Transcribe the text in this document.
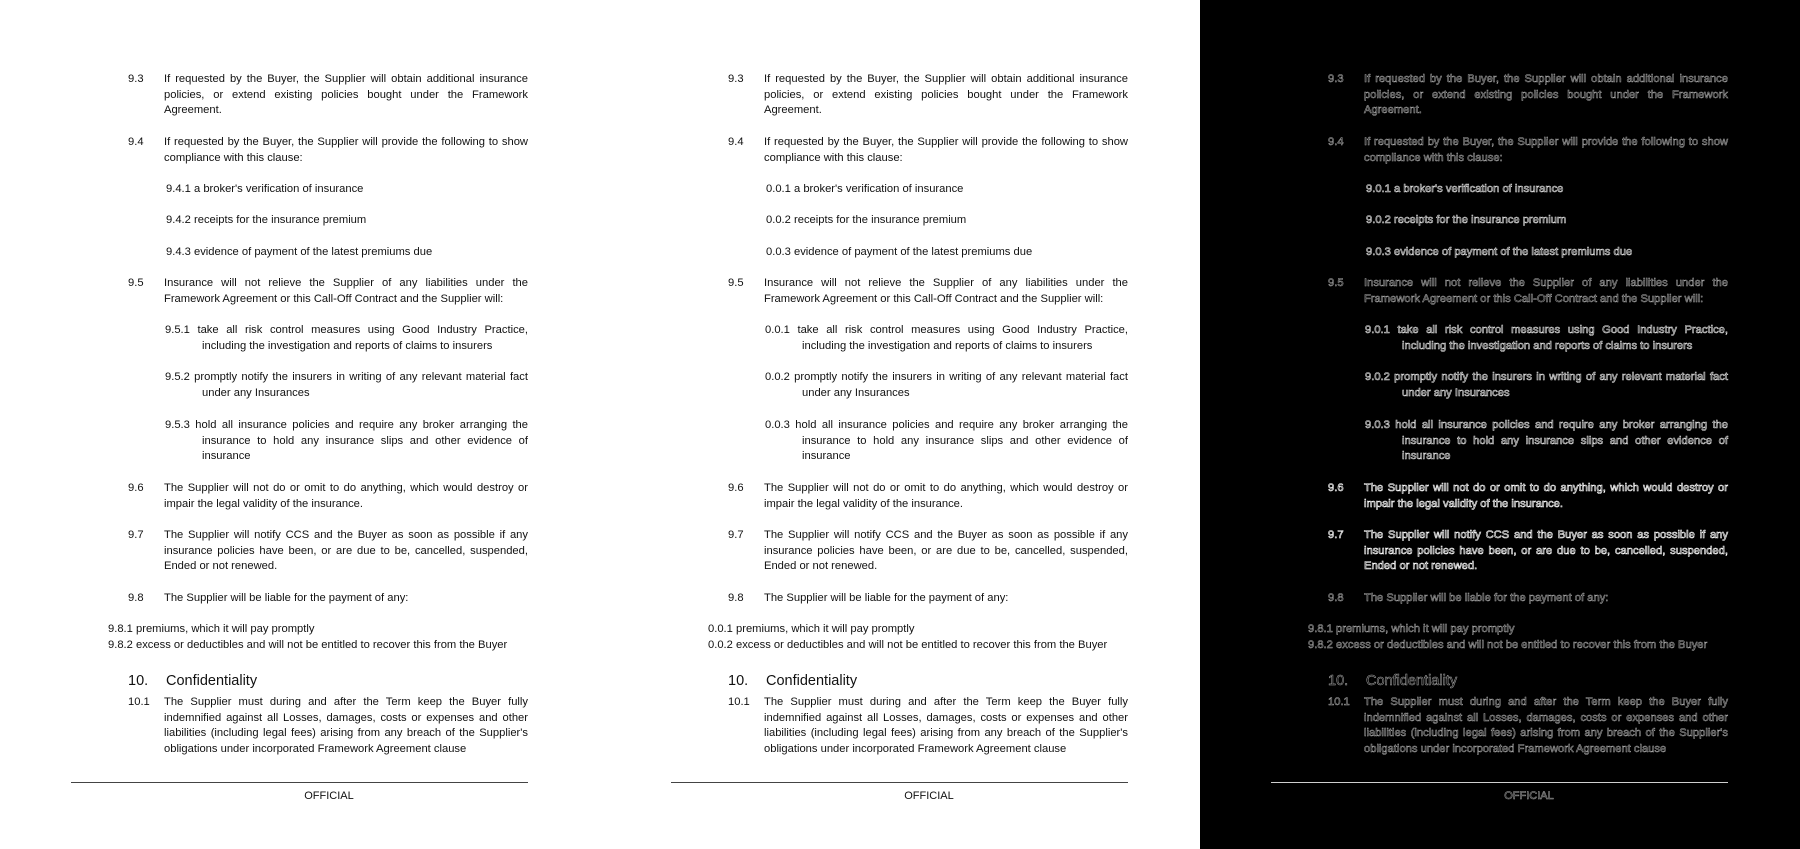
9.3	If requested by the Buyer, the Supplier will obtain additional insurance policies, or extend existing policies bought under the Framework Agreement.
9.4	If requested by the Buyer, the Supplier will provide the following to show compliance with this clause:
9.4.1 a broker's verification of insurance
9.4.2 receipts for the insurance premium
9.4.3 evidence of payment of the latest premiums due
9.5	Insurance will not relieve the Supplier of any liabilities under the Framework Agreement or this Call-Off Contract and the Supplier will:
9.5.1 take all risk control measures using Good Industry Practice, including the investigation and reports of claims to insurers
9.5.2 promptly notify the insurers in writing of any relevant material fact under any Insurances
9.5.3 hold all insurance policies and require any broker arranging the insurance to hold any insurance slips and other evidence of insurance
9.6	The Supplier will not do or omit to do anything, which would destroy or impair the legal validity of the insurance.
9.7	The Supplier will notify CCS and the Buyer as soon as possible if any insurance policies have been, or are due to be, cancelled, suspended, Ended or not renewed.
9.8	The Supplier will be liable for the payment of any:
9.8.1 premiums, which it will pay promptly
9.8.2 excess or deductibles and will not be entitled to recover this from the Buyer
10. Confidentiality
10.1	The Supplier must during and after the Term keep the Buyer fully indemnified against all Losses, damages, costs or expenses and other liabilities (including legal fees) arising from any breach of the Supplier's obligations under incorporated Framework Agreement clause
OFFICIAL
9.3	If requested by the Buyer, the Supplier will obtain additional insurance policies, or extend existing policies bought under the Framework Agreement.
9.4	If requested by the Buyer, the Supplier will provide the following to show compliance with this clause:
0.0.1 a broker's verification of insurance
0.0.2 receipts for the insurance premium
0.0.3 evidence of payment of the latest premiums due
9.5	Insurance will not relieve the Supplier of any liabilities under the Framework Agreement or this Call-Off Contract and the Supplier will:
0.0.1 take all risk control measures using Good Industry Practice, including the investigation and reports of claims to insurers
0.0.2 promptly notify the insurers in writing of any relevant material fact under any Insurances
0.0.3 hold all insurance policies and require any broker arranging the insurance to hold any insurance slips and other evidence of insurance
9.6	The Supplier will not do or omit to do anything, which would destroy or impair the legal validity of the insurance.
9.7	The Supplier will notify CCS and the Buyer as soon as possible if any insurance policies have been, or are due to be, cancelled, suspended, Ended or not renewed.
9.8	The Supplier will be liable for the payment of any:
0.0.1 premiums, which it will pay promptly
0.0.2 excess or deductibles and will not be entitled to recover this from the Buyer
10. Confidentiality
10.1	The Supplier must during and after the Term keep the Buyer fully indemnified against all Losses, damages, costs or expenses and other liabilities (including legal fees) arising from any breach of the Supplier's obligations under incorporated Framework Agreement clause
OFFICIAL
9.3	If requested by the Buyer, the Supplier will obtain additional insurance policies, or extend existing policies bought under the Framework Agreement.
9.4	If requested by the Buyer, the Supplier will provide the following to show compliance with this clause:
9.0.1 a broker's verification of insurance
9.0.2 receipts for the insurance premium
9.0.3 evidence of payment of the latest premiums due
9.5	Insurance will not relieve the Supplier of any liabilities under the Framework Agreement or this Call-Off Contract and the Supplier will:
9.0.1 take all risk control measures using Good Industry Practice, including the investigation and reports of claims to insurers
9.0.2 promptly notify the insurers in writing of any relevant material fact under any Insurances
9.0.3 hold all insurance policies and require any broker arranging the insurance to hold any insurance slips and other evidence of insurance
9.6	The Supplier will not do or omit to do anything, which would destroy or impair the legal validity of the insurance.
9.7	The Supplier will notify CCS and the Buyer as soon as possible if any insurance policies have been, or are due to be, cancelled, suspended, Ended or not renewed.
9.8	The Supplier will be liable for the payment of any:
9.8.1 premiums, which it will pay promptly
9.8.2 excess or deductibles and will not be entitled to recover this from the Buyer
10. Confidentiality
10.1	The Supplier must during and after the Term keep the Buyer fully indemnified against all Losses, damages, costs or expenses and other liabilities (including legal fees) arising from any breach of the Supplier's obligations under incorporated Framework Agreement clause
OFFICIAL
